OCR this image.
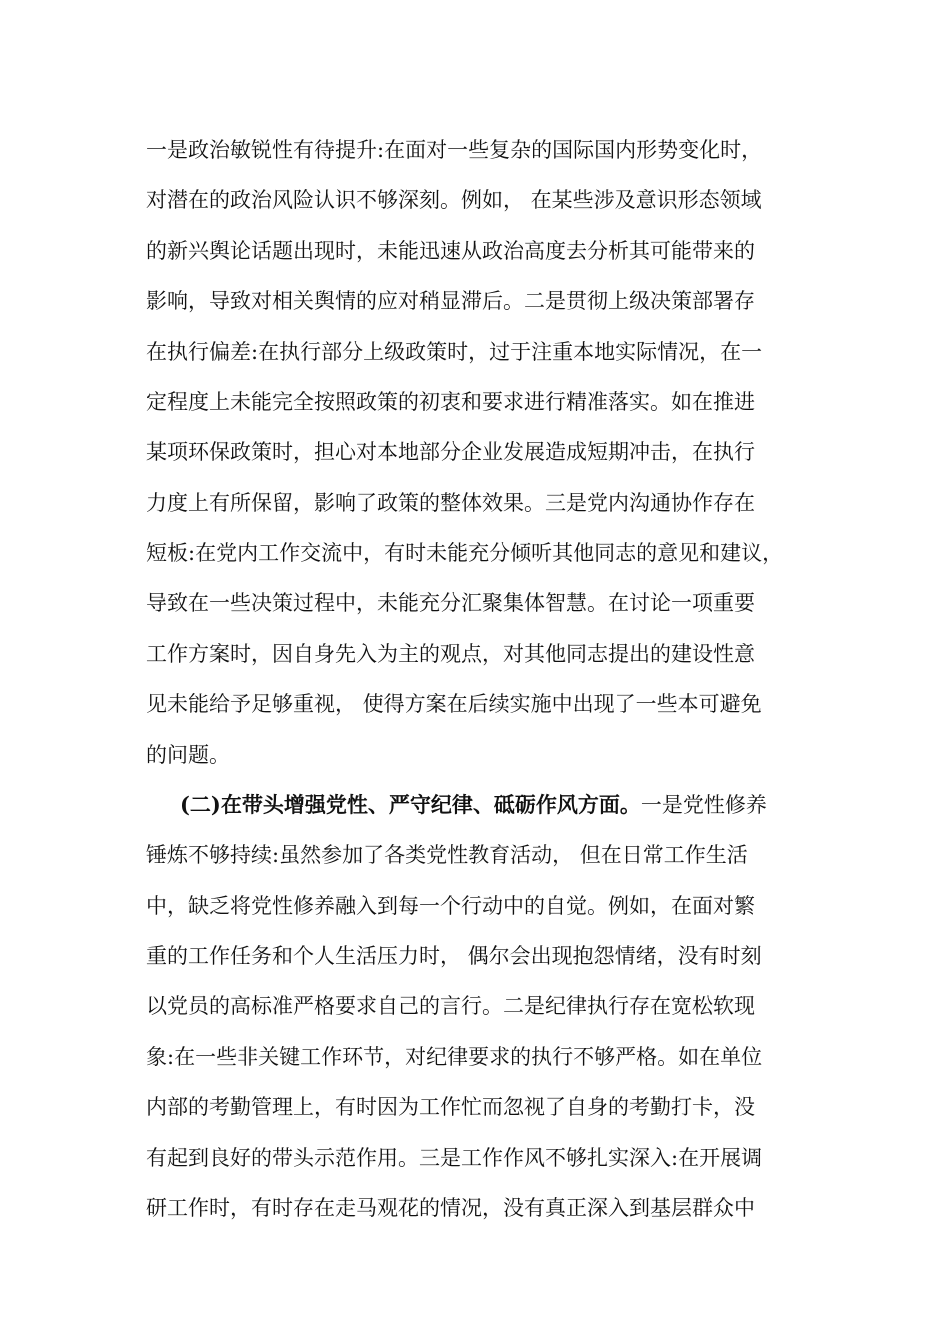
一是政治敏锐性有待提升:在面对一些复杂的国际国内形势变化时，
对潜在的政治风险认识不够深刻。例如， 在某些涉及意识形态领域
的新兴舆论话题出现时，未能迅速从政治高度去分析其可能带来的
影响，导致对相关舆情的应对稍显滞后。二是贯彻上级决策部署存
在执行偏差:在执行部分上级政策时，过于注重本地实际情况，在一
定程度上未能完全按照政策的初衷和要求进行精准落实。如在推进
某项环保政策时，担心对本地部分企业发展造成短期冲击，在执行
力度上有所保留，影响了政策的整体效果。三是党内沟通协作存在
短板:在党内工作交流中，有时未能充分倾听其他同志的意见和建议，
导致在一些决策过程中，未能充分汇聚集体智慧。在讨论一项重要
工作方案时，因自身先入为主的观点，对其他同志提出的建设性意
见未能给予足够重视， 使得方案在后续实施中出现了一些本可避免
的问题。
(二)在带头增强党性、严守纪律、砥砺作风方面。一是党性修养
锤炼不够持续:虽然参加了各类党性教育活动， 但在日常工作生活
中，缺乏将党性修养融入到每一个行动中的自觉。例如，在面对繁
重的工作任务和个人生活压力时， 偶尔会出现抱怨情绪，没有时刻
以党员的高标准严格要求自己的言行。二是纪律执行存在宽松软现
象:在一些非关键工作环节，对纪律要求的执行不够严格。如在单位
内部的考勤管理上，有时因为工作忙而忽视了自身的考勤打卡，没
有起到良好的带头示范作用。三是工作作风不够扎实深入:在开展调
研工作时，有时存在走马观花的情况，没有真正深入到基层群众中
